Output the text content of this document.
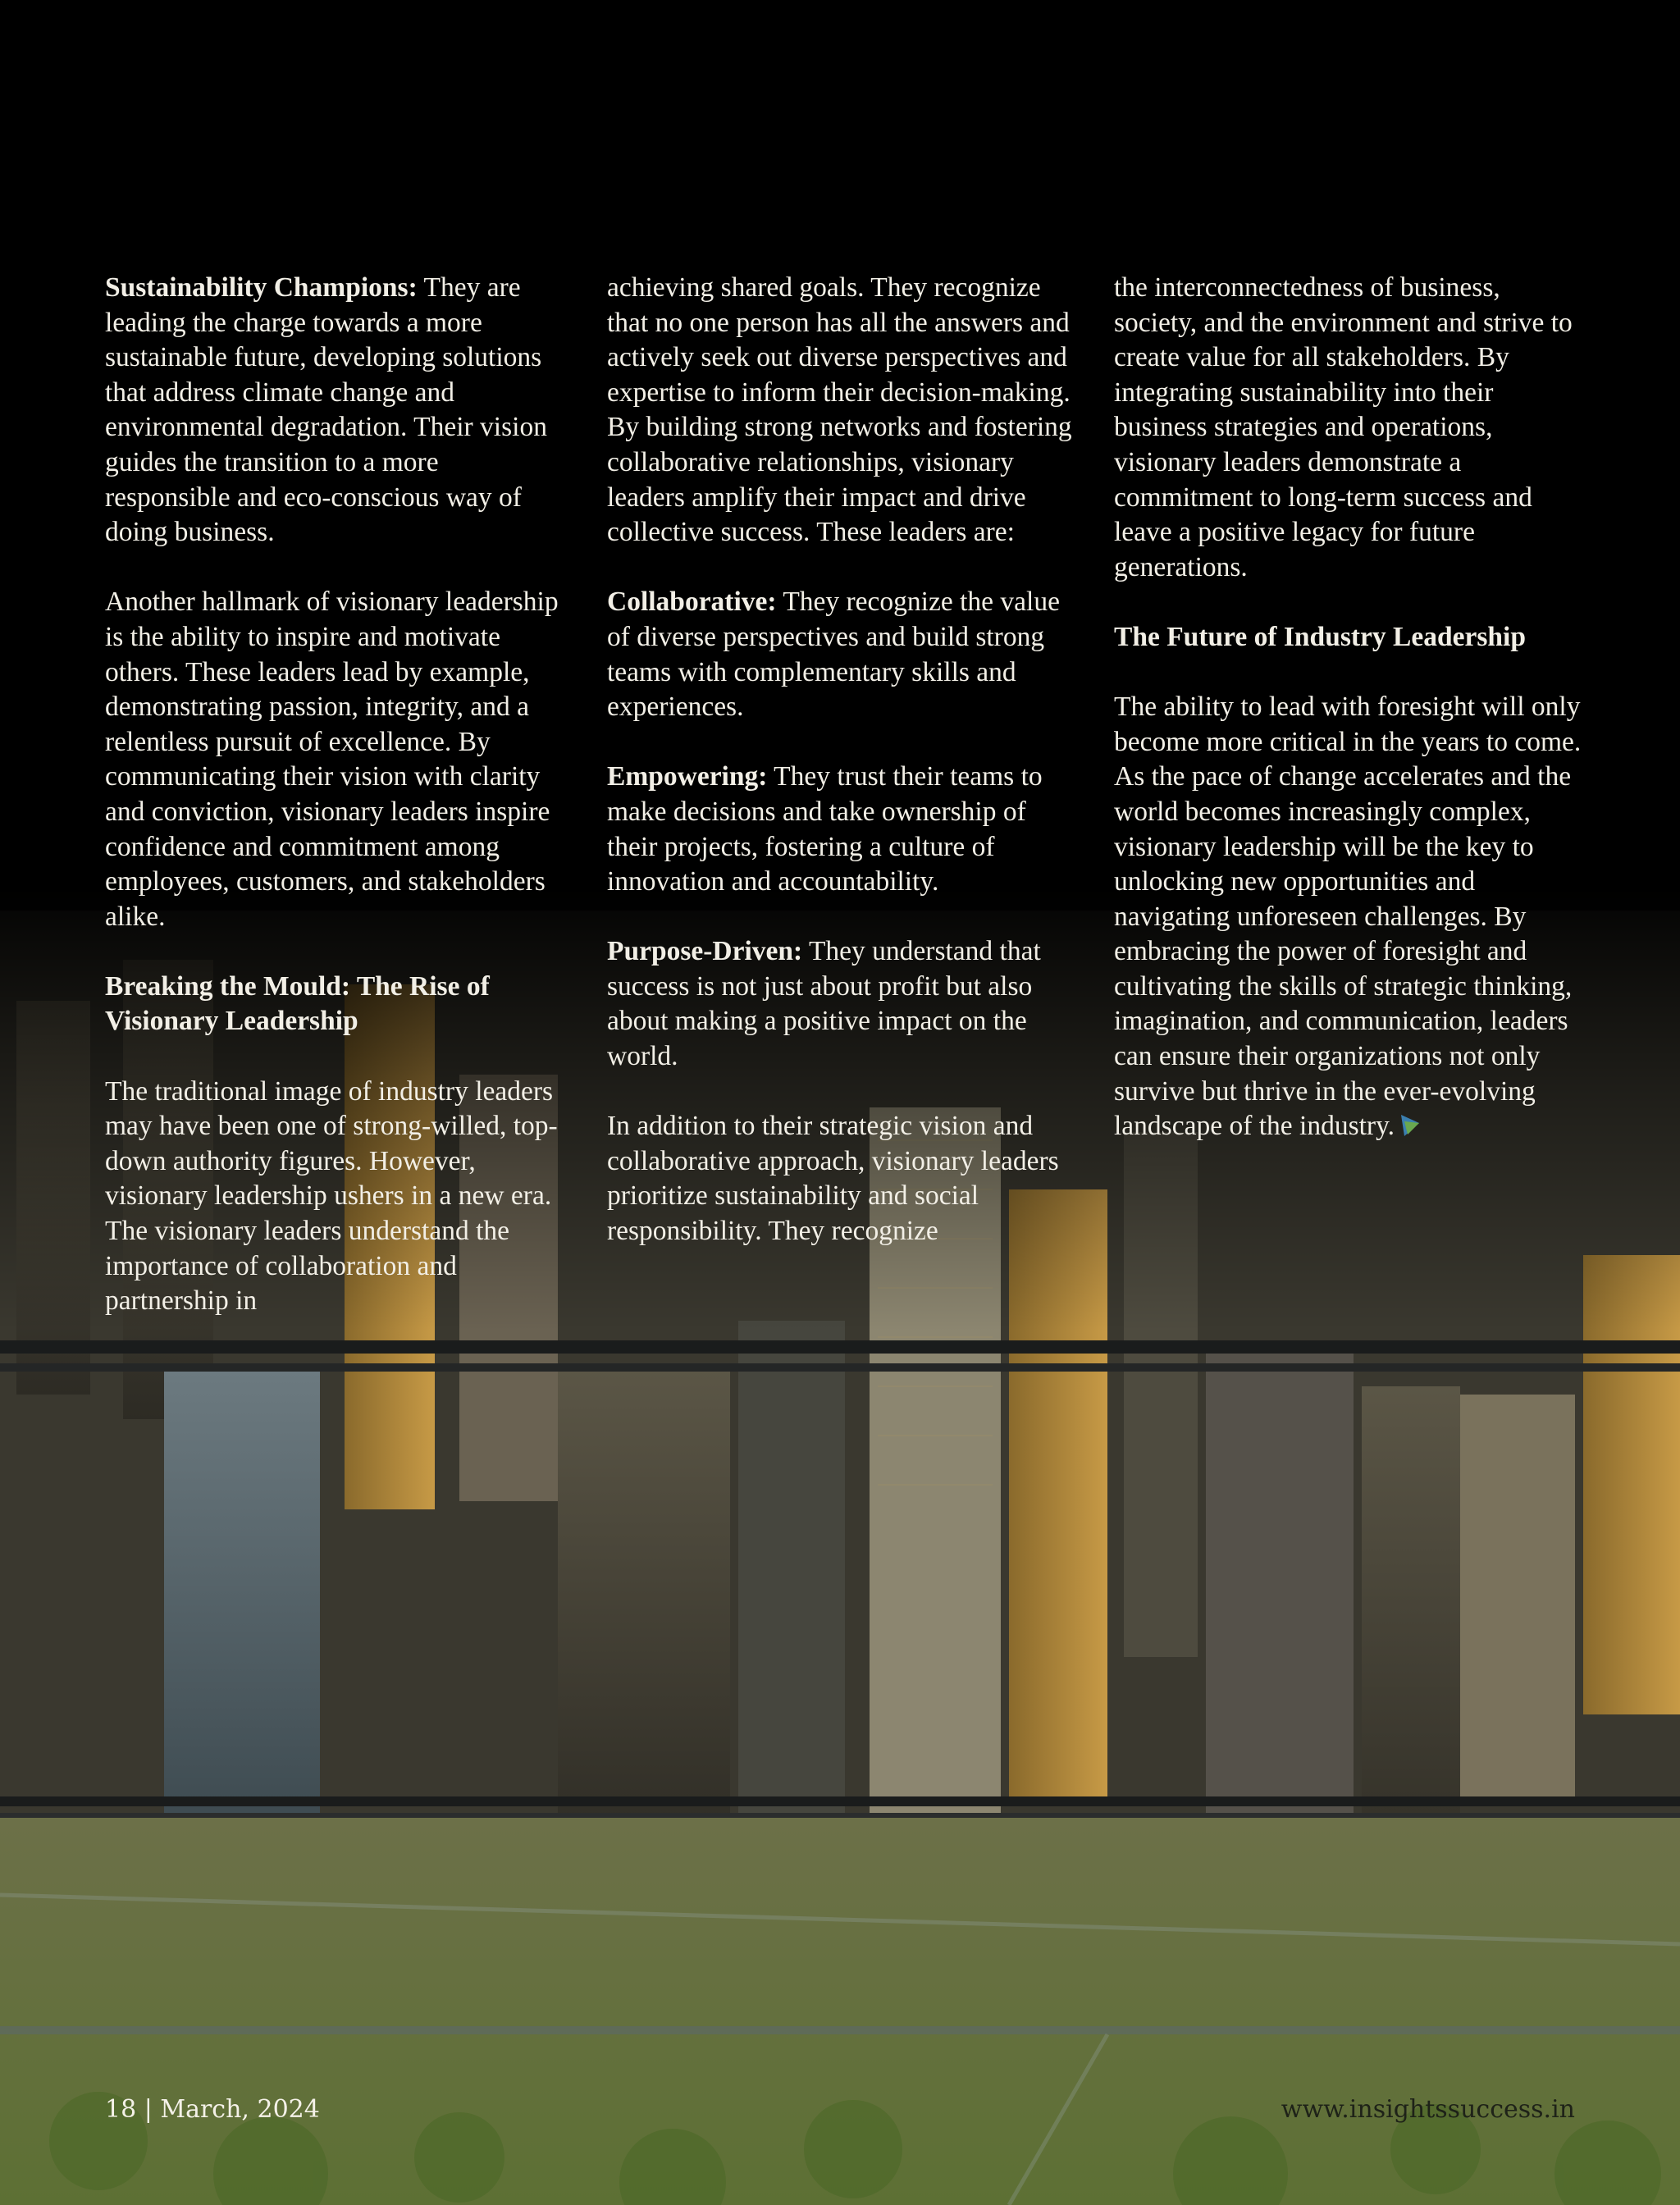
Sustainability Champions: They are leading the charge towards a more sustainable future, developing solutions that address climate change and environmental degradation. Their vision guides the transition to a more responsible and eco-conscious way of doing business.

Another hallmark of visionary leadership is the ability to inspire and motivate others. These leaders lead by example, demonstrating passion, integrity, and a relentless pursuit of excellence. By communicating their vision with clarity and conviction, visionary leaders inspire confidence and commitment among employees, customers, and stakeholders alike.

Breaking the Mould: The Rise of Visionary Leadership

The traditional image of industry leaders may have been one of strong-willed, top-down authority figures. However, visionary leadership ushers in a new era. The visionary leaders understand the importance of collaboration and partnership in

achieving shared goals. They recognize that no one person has all the answers and actively seek out diverse perspectives and expertise to inform their decision-making. By building strong networks and fostering collaborative relationships, visionary leaders amplify their impact and drive collective success. These leaders are:

Collaborative: They recognize the value of diverse perspectives and build strong teams with complementary skills and experiences.

Empowering: They trust their teams to make decisions and take ownership of their projects, fostering a culture of innovation and accountability.

Purpose-Driven: They understand that success is not just about profit but also about making a positive impact on the world.

In addition to their strategic vision and collaborative approach, visionary leaders prioritize sustainability and social responsibility. They recognize

the interconnectedness of business, society, and the environment and strive to create value for all stakeholders. By integrating sustainability into their business strategies and operations, visionary leaders demonstrate a commitment to long-term success and leave a positive legacy for future generations.

The Future of Industry Leadership

The ability to lead with foresight will only become more critical in the years to come. As the pace of change accelerates and the world becomes increasingly complex, visionary leadership will be the key to unlocking new opportunities and navigating unforeseen challenges. By embracing the power of foresight and cultivating the skills of strategic thinking, imagination, and communication, leaders can ensure their organizations not only survive but thrive in the ever-evolving landscape of the industry.

18 | March, 2024	www.insightssuccess.in
